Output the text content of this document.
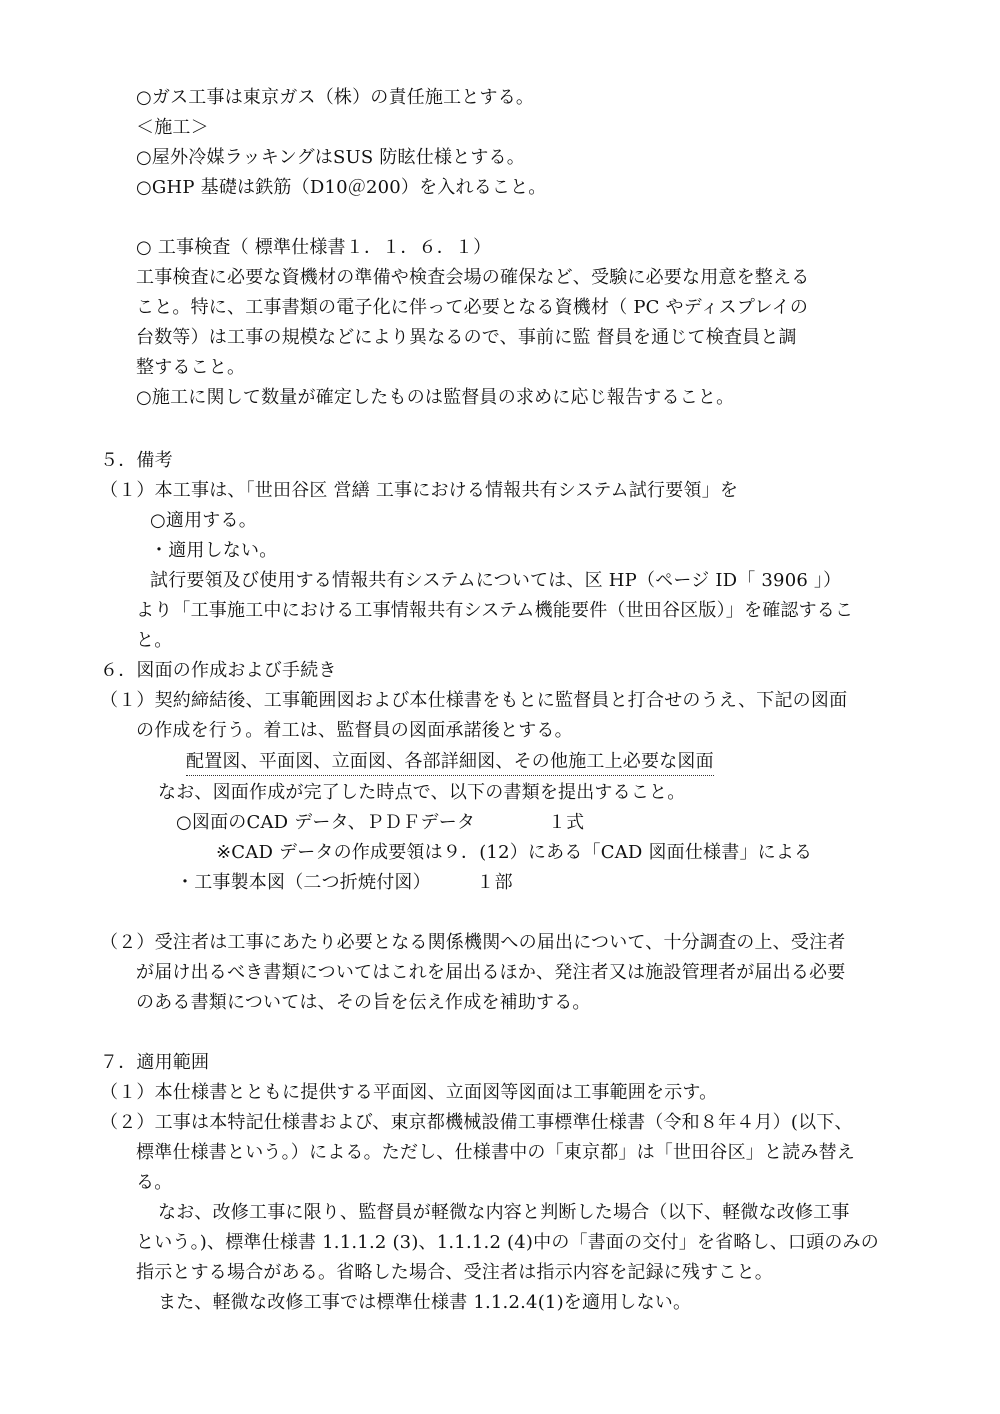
○ガス工事は東京ガス（株）の責任施工とする。
＜施工＞
○屋外冷媒ラッキングはSUS 防眩仕様とする。
○GHP 基礎は鉄筋（D10＠200）を入れること。
○ 工事検査（ 標準仕様書１．１．６．１）
工事検査に必要な資機材の準備や検査会場の確保など、受験に必要な用意を整える
こと。特に、工事書類の電子化に伴って必要となる資機材（ PC やディスプレイの
台数等）は工事の規模などにより異なるので、事前に監 督員を通じて検査員と調
整すること。
○施工に関して数量が確定したものは監督員の求めに応じ報告すること。
５．備考
（１）本工事は、「世田谷区 営繕 工事における情報共有システム試行要領」を
○適用する。
・適用しない。
試行要領及び使用する情報共有システムについては、区 HP（ページ ID「 3906 」）
より「工事施工中における工事情報共有システム機能要件（世田谷区版）」を確認するこ
と。
６．図面の作成および手続き
（１）契約締結後、工事範囲図および本仕様書をもとに監督員と打合せのうえ、下記の図面
の作成を行う。着工は、監督員の図面承諾後とする。
配置図、平面図、立面図、各部詳細図、その他施工上必要な図面
なお、図面作成が完了した時点で、以下の書類を提出すること。
○図面のCAD データ、ＰＤＦデータ　　　　１式
※CAD データの作成要領は９．(12）にある「CAD 図面仕様書」による
・工事製本図（二つ折焼付図）　　　１部
（２）受注者は工事にあたり必要となる関係機関への届出について、十分調査の上、受注者
が届け出るべき書類についてはこれを届出るほか、発注者又は施設管理者が届出る必要
のある書類については、その旨を伝え作成を補助する。
７．適用範囲
（１）本仕様書とともに提供する平面図、立面図等図面は工事範囲を示す。
（２）工事は本特記仕様書および、東京都機械設備工事標準仕様書（令和８年４月）(以下、
標準仕様書という。）による。ただし、仕様書中の「東京都」は「世田谷区」と読み替え
る。
なお、改修工事に限り、監督員が軽微な内容と判断した場合（以下、軽微な改修工事
という。)、標準仕様書 1.1.1.2 (3)、1.1.1.2 (4)中の「書面の交付」を省略し、口頭のみの
指示とする場合がある。省略した場合、受注者は指示内容を記録に残すこと。
また、軽微な改修工事では標準仕様書 1.1.2.4(1)を適用しない。
